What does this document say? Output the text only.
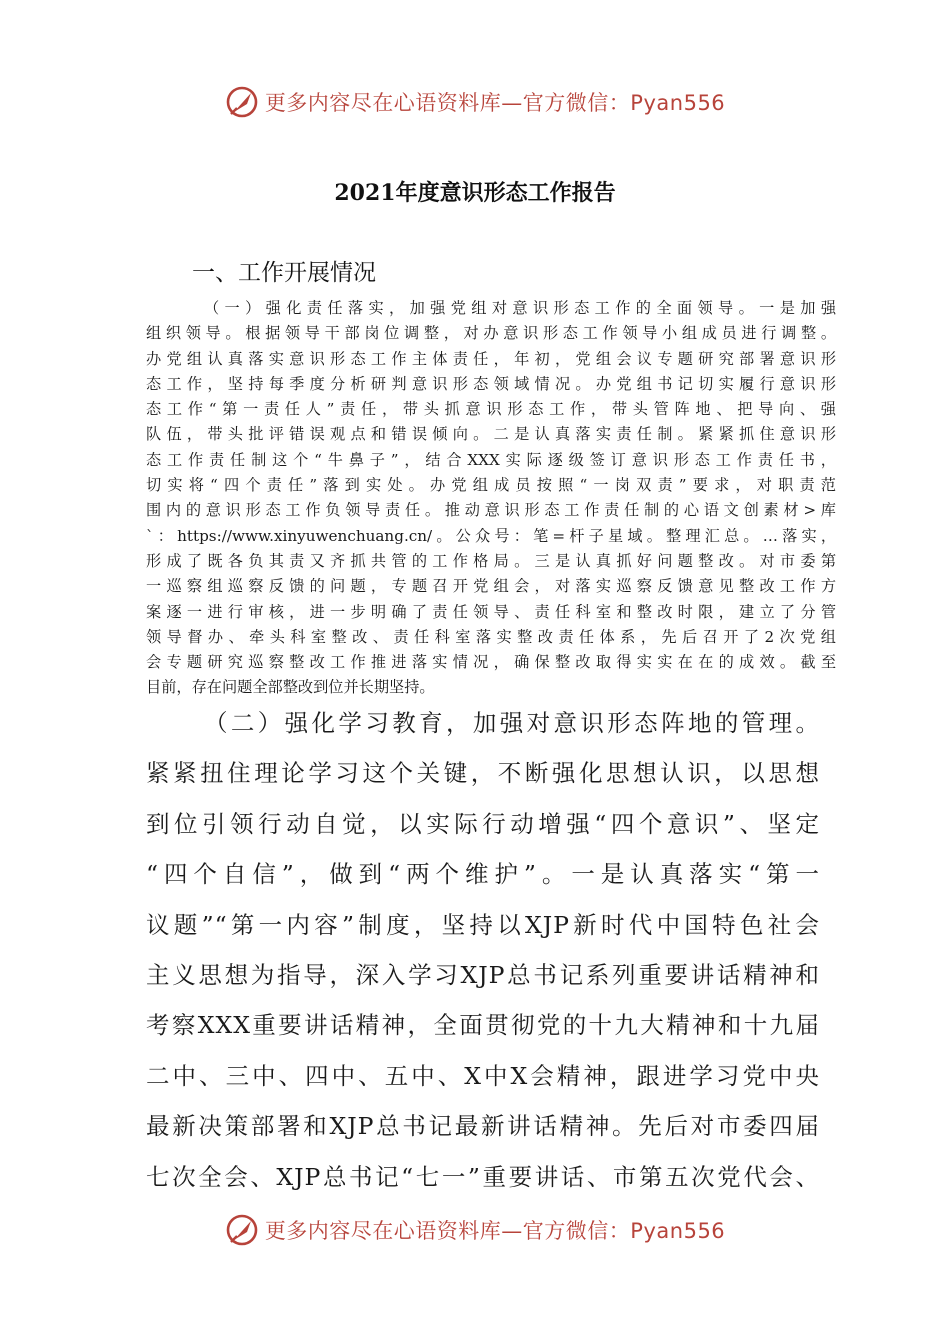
更多内容尽在心语资料库—官方微信：Pyan556
2021年度意识形态工作报告
一、工作开展情况
（一）强化责任落实，加强党组对意识形态工作的全面领导。一是加强
组织领导。根据领导干部岗位调整，对办意识形态工作领导小组成员进行调整。
办党组认真落实意识形态工作主体责任，年初，党组会议专题研究部署意识形
态工作，坚持每季度分析研判意识形态领域情况。办党组书记切实履行意识形
态工作“第一责任人”责任，带头抓意识形态工作，带头管阵地、把导向、强
队伍，带头批评错误观点和错误倾向。二是认真落实责任制。紧紧抓住意识形
态工作责任制这个“牛鼻子”，结合XXX实际逐级签订意识形态工作责任书，
切实将“四个责任”落到实处。办党组成员按照“一岗双责”要求，对职责范
围内的意识形态工作负领导责任。推动意识形态工作责任制的心语文创素材>库
`：https://www.xinyuwenchuang.cn/。公众号：笔=杆子星域。整理汇总。…落实，
形成了既各负其责又齐抓共管的工作格局。三是认真抓好问题整改。对市委第
一巡察组巡察反馈的问题，专题召开党组会，对落实巡察反馈意见整改工作方
案逐一进行审核，进一步明确了责任领导、责任科室和整改时限，建立了分管
领导督办、牵头科室整改、责任科室落实整改责任体系，先后召开了2次党组
会专题研究巡察整改工作推进落实情况，确保整改取得实实在在的成效。截至
目前，存在问题全部整改到位并长期坚持。
（二）强化学习教育，加强对意识形态阵地的管理。
紧紧扭住理论学习这个关键，不断强化思想认识，以思想
到位引领行动自觉，以实际行动增强“四个意识”、坚定
“四个自信”，做到“两个维护”。一是认真落实“第一
议题”“第一内容”制度，坚持以XJP新时代中国特色社会
主义思想为指导，深入学习XJP总书记系列重要讲话精神和
考察XXX重要讲话精神，全面贯彻党的十九大精神和十九届
二中、三中、四中、五中、X中X会精神，跟进学习党中央
最新决策部署和XJP总书记最新讲话精神。先后对市委四届
七次全会、XJP总书记“七一”重要讲话、市第五次党代会、
更多内容尽在心语资料库—官方微信：Pyan556
